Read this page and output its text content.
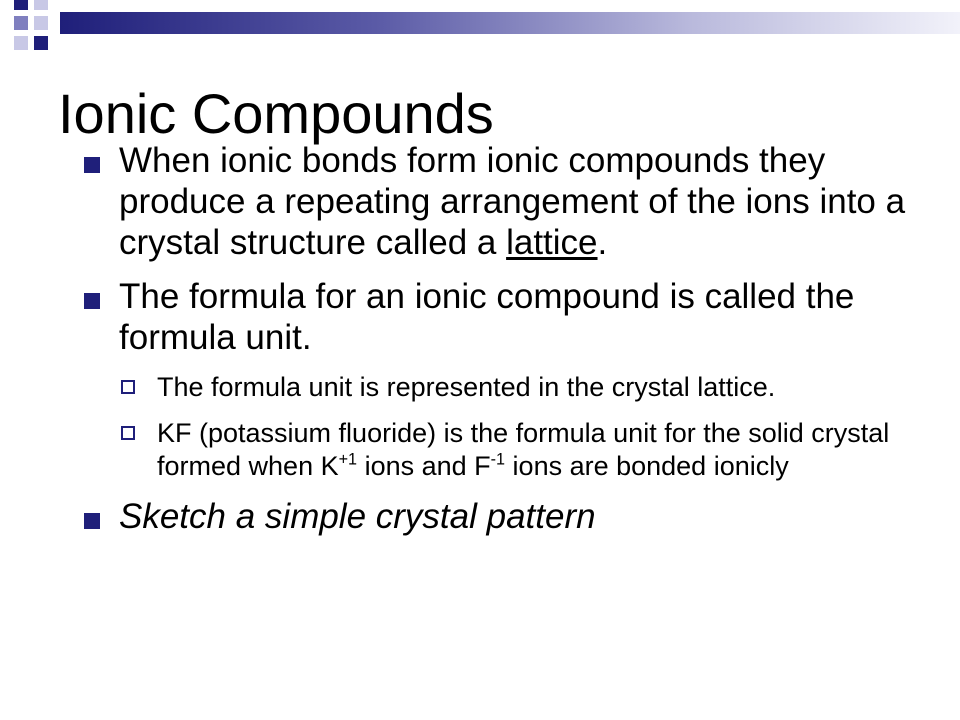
Ionic Compounds
When ionic bonds form ionic compounds they produce a repeating arrangement of the ions into a crystal structure called a lattice.
The formula for an ionic compound is called the formula unit.
The formula unit is represented in the crystal lattice.
KF (potassium fluoride) is the formula unit for the solid crystal formed when $K^{+1}$ ions and $F^{-1}$ ions are bonded ionicly
Sketch a simple crystal pattern
